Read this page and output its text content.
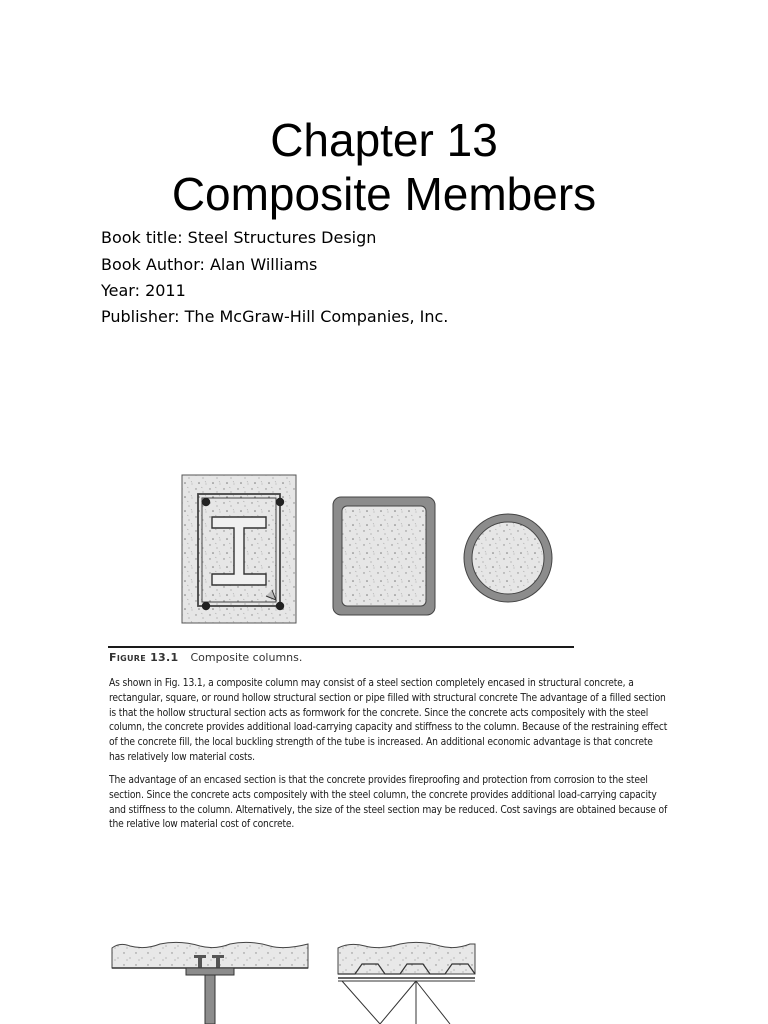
Chapter 13
Composite Members
Book title: Steel Structures Design
Book Author: Alan Williams
Year: 2011
Publisher: The McGraw-Hill Companies, Inc.
Figure 13.1 Composite columns.
As shown in Fig. 13.1, a composite column may consist of a steel section completely encased in structural concrete, a rectangular, square, or round hollow structural section or pipe filled with structural concrete The advantage of a filled section is that the hollow structural section acts as formwork for the concrete. Since the concrete acts compositely with the steel column, the concrete provides additional load-carrying capacity and stiffness to the column. Because of the restraining effect of the concrete fill, the local buckling strength of the tube is increased. An additional economic advantage is that concrete has relatively low material costs.
The advantage of an encased section is that the concrete provides fireproofing and protection from corrosion to the steel section. Since the concrete acts compositely with the steel column, the concrete provides additional load-carrying capacity and stiffness to the column. Alternatively, the size of the steel section may be reduced. Cost savings are obtained because of the relative low material cost of concrete.
